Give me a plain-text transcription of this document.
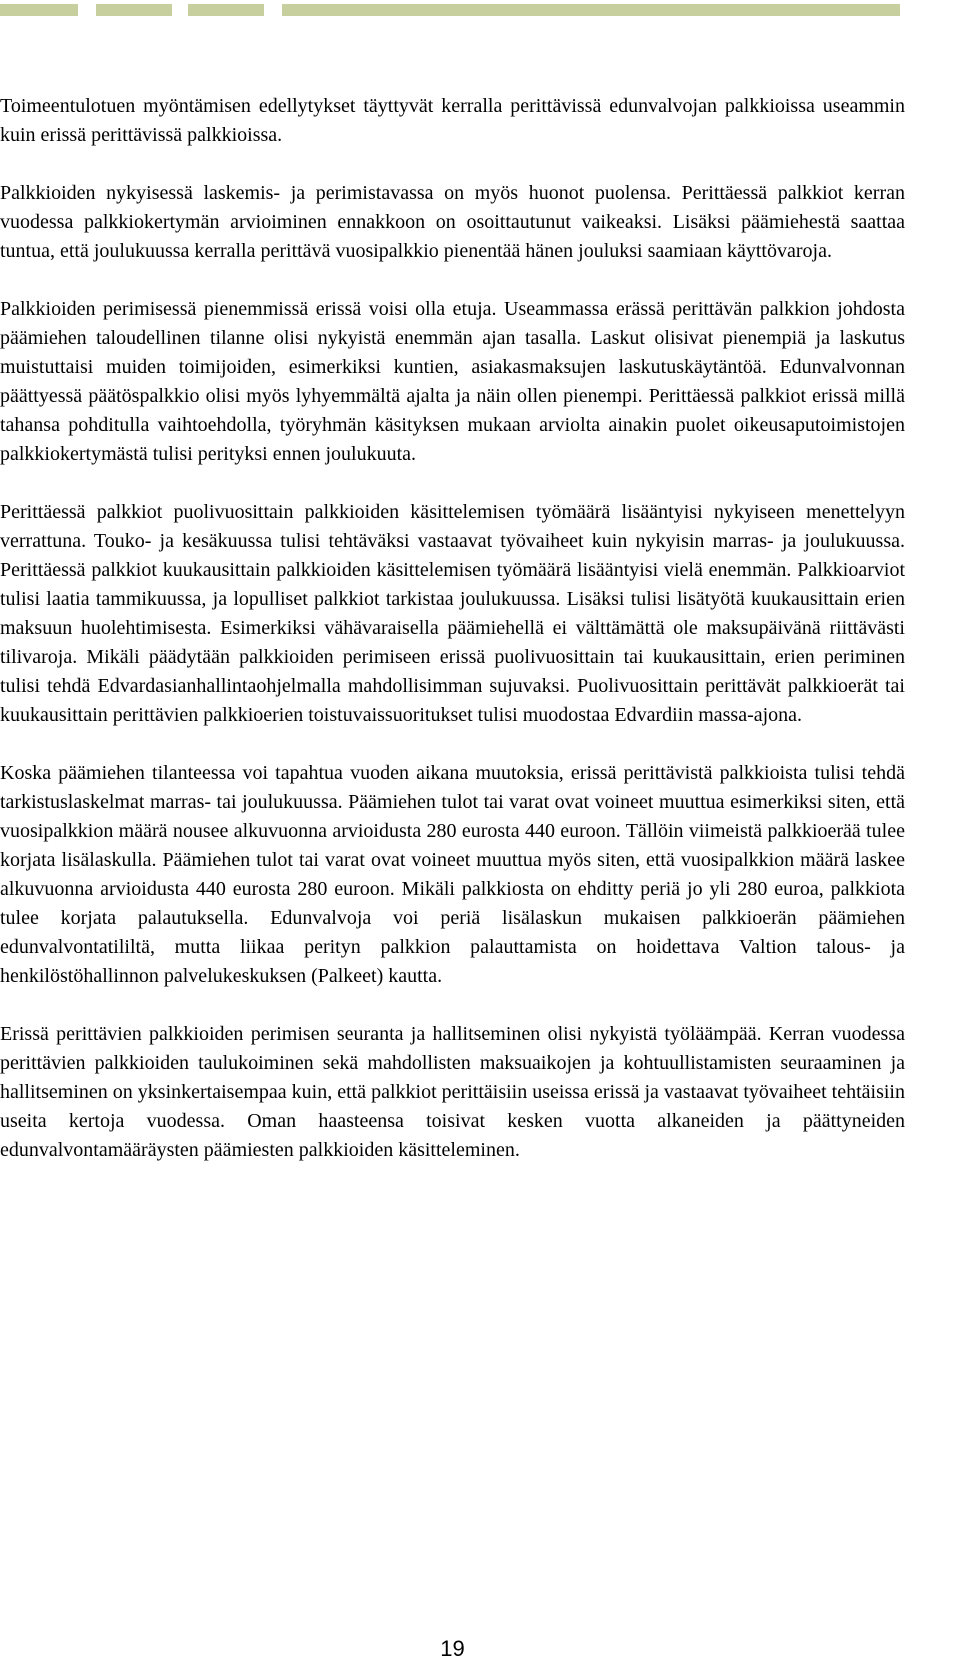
Toimeentulotuen myöntämisen edellytykset täyttyvät kerralla perittävissä edunvalvojan palkkioissa useammin kuin erissä perittävissä palkkioissa.

Palkkioiden nykyisessä laskemis- ja perimistavassa on myös huonot puolensa. Perittäessä palkkiot kerran vuodessa palkkiokertymän arvioiminen ennakkoon on osoittautunut vaikeaksi. Lisäksi päämiehestä saattaa tuntua, että joulukuussa kerralla perittävä vuosipalkkio pienentää hänen jouluksi saamiaan käyttövaroja.

Palkkioiden perimisessä pienemmissä erissä voisi olla etuja. Useammassa erässä perittävän palkkion johdosta päämiehen taloudellinen tilanne olisi nykyistä enemmän ajan tasalla. Laskut olisivat pienempiä ja laskutus muistuttaisi muiden toimijoiden, esimerkiksi kuntien, asiakasmaksujen laskutuskäytäntöä. Edunvalvonnan päättyessä päätöspalkkio olisi myös lyhyemmältä ajalta ja näin ollen pienempi. Perittäessä palkkiot erissä millä tahansa pohditulla vaihtoehdolla, työryhmän käsityksen mukaan arviolta ainakin puolet oikeusaputoimistojen palkkiokertymästä tulisi perityksi ennen joulukuuta.

Perittäessä palkkiot puolivuosittain palkkioiden käsittelemisen työmäärä lisääntyisi nykyiseen menettelyyn verrattuna. Touko- ja kesäkuussa tulisi tehtäväksi vastaavat työvaiheet kuin nykyisin marras- ja joulukuussa. Perittäessä palkkiot kuukausittain palkkioiden käsittelemisen työmäärä lisääntyisi vielä enemmän. Palkkioarviot tulisi laatia tammikuussa, ja lopulliset palkkiot tarkistaa joulukuussa. Lisäksi tulisi lisätyötä kuukausittain erien maksuun huolehtimisesta. Esimerkiksi vähävaraisella päämiehellä ei välttämättä ole maksupäivänä riittävästi tilivaroja. Mikäli päädytään palkkioiden perimiseen erissä puolivuosittain tai kuukausittain, erien periminen tulisi tehdä Edvardasianhallintaohjelmalla mahdollisimman sujuvaksi. Puolivuosittain perittävät palkkioerät tai kuukausittain perittävien palkkioerien toistuvaissuoritukset tulisi muodostaa Edvardiin massa-ajona.

Koska päämiehen tilanteessa voi tapahtua vuoden aikana muutoksia, erissä perittävistä palkkioista tulisi tehdä tarkistuslaskelmat marras- tai joulukuussa. Päämiehen tulot tai varat ovat voineet muuttua esimerkiksi siten, että vuosipalkkion määrä nousee alkuvuonna arvioidusta 280 eurosta 440 euroon. Tällöin viimeistä palkkioerää tulee korjata lisälaskulla. Päämiehen tulot tai varat ovat voineet muuttua myös siten, että vuosipalkkion määrä laskee alkuvuonna arvioidusta 440 eurosta 280 euroon. Mikäli palkkiosta on ehditty periä jo yli 280 euroa, palkkiota tulee korjata palautuksella. Edunvalvoja voi periä lisälaskun mukaisen palkkioerän päämiehen edunvalvontatililtä, mutta liikaa perityn palkkion palauttamista on hoidettava Valtion talous- ja henkilöstöhallinnon palvelukeskuksen (Palkeet) kautta.

Erissä perittävien palkkioiden perimisen seuranta ja hallitseminen olisi nykyistä työläämpää. Kerran vuodessa perittävien palkkioiden taulukoiminen sekä mahdollisten maksuaikojen ja kohtuullistamisten seuraaminen ja hallitseminen on yksinkertaisempaa kuin, että palkkiot perittäisiin useissa erissä ja vastaavat työvaiheet tehtäisiin useita kertoja vuodessa. Oman haasteensa toisivat kesken vuotta alkaneiden ja päättyneiden edunvalvontamääräysten päämiesten palkkioiden käsitteleminen.

19
